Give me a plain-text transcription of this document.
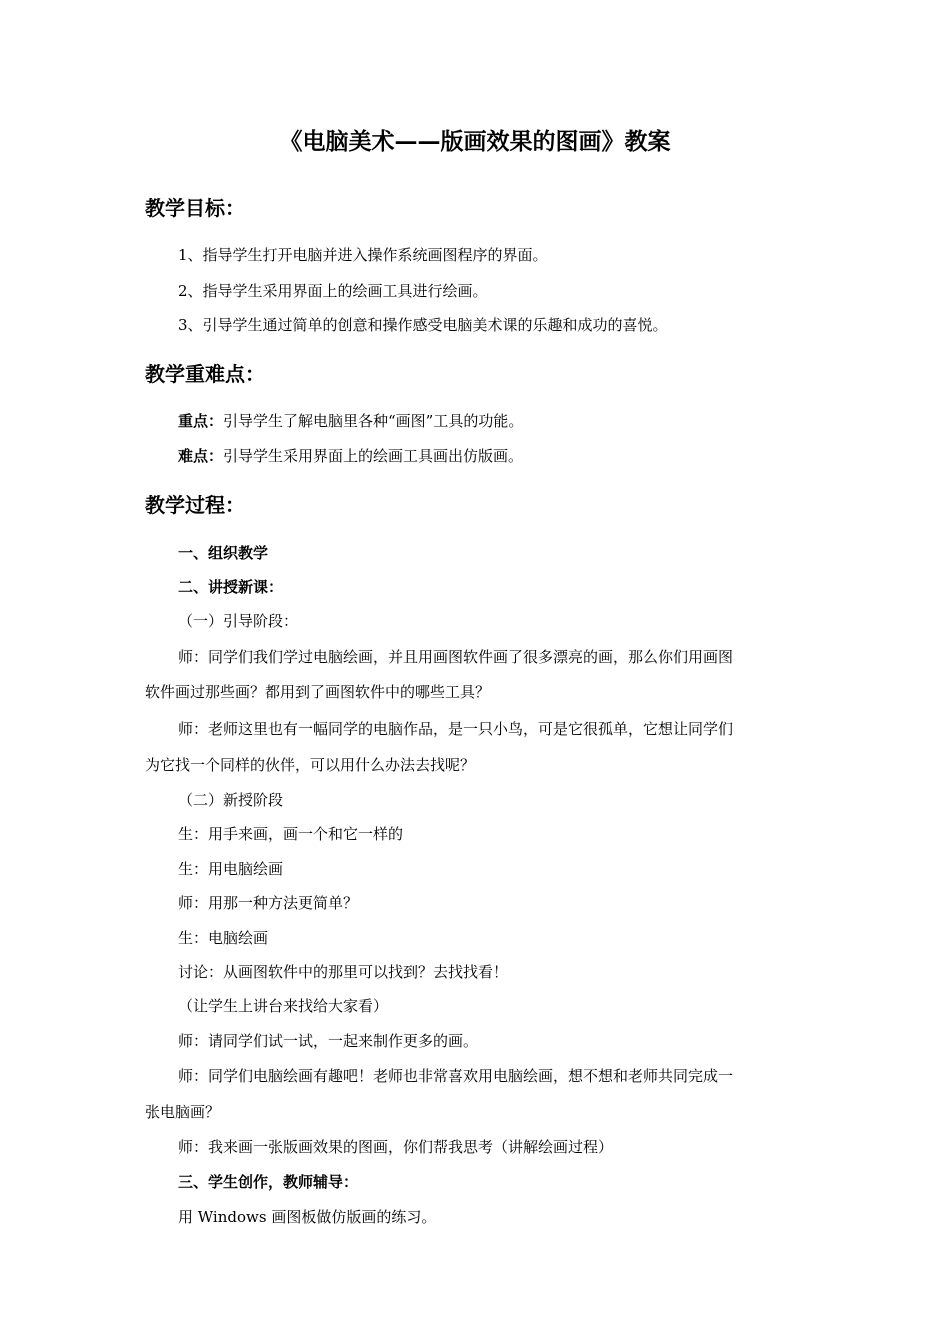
《电脑美术——版画效果的图画》教案
教学目标：
1、指导学生打开电脑并进入操作系统画图程序的界面。
2、指导学生采用界面上的绘画工具进行绘画。
3、引导学生通过简单的创意和操作感受电脑美术课的乐趣和成功的喜悦。
教学重难点：
重点：引导学生了解电脑里各种“画图”工具的功能。
难点：引导学生采用界面上的绘画工具画出仿版画。
教学过程：
一、组织教学
二、讲授新课：
（一）引导阶段：
师：同学们我们学过电脑绘画，并且用画图软件画了很多漂亮的画，那么你们用画图
软件画过那些画？都用到了画图软件中的哪些工具？
师：老师这里也有一幅同学的电脑作品，是一只小鸟，可是它很孤单，它想让同学们
为它找一个同样的伙伴，可以用什么办法去找呢？
（二）新授阶段
生：用手来画，画一个和它一样的
生：用电脑绘画
师：用那一种方法更简单？
生：电脑绘画
讨论：从画图软件中的那里可以找到？去找找看！
（让学生上讲台来找给大家看）
师：请同学们试一试，一起来制作更多的画。
师：同学们电脑绘画有趣吧！老师也非常喜欢用电脑绘画，想不想和老师共同完成一
张电脑画？
师：我来画一张版画效果的图画，你们帮我思考（讲解绘画过程）
三、学生创作，教师辅导：
用 Windows 画图板做仿版画的练习。
